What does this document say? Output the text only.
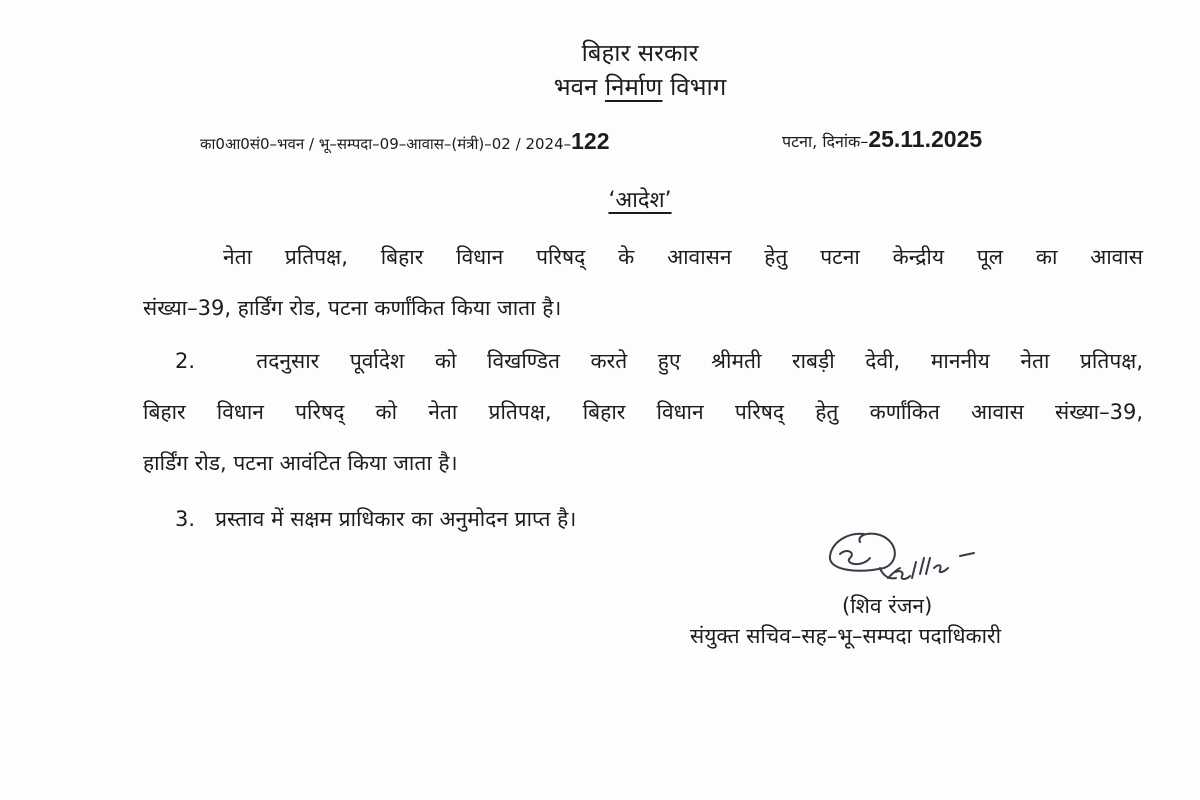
बिहार सरकार
भवन निर्माण विभाग
का0आ0सं0–भवन / भू–सम्पदा–09–आवास–(मंत्री)–02 / 2024–122	पटना, दिनांक–25.11.2025
‘आदेश’
नेता प्रतिपक्ष, बिहार विधान परिषद् के आवासन हेतु पटना केन्द्रीय पूल का आवास
संख्या–39, हार्डिंग रोड, पटना कर्णांकित किया जाता है।
2.	तदनुसार पूर्वादेश को विखण्डित करते हुए श्रीमती राबड़ी देवी, माननीय नेता प्रतिपक्ष,
बिहार विधान परिषद् को नेता प्रतिपक्ष, बिहार विधान परिषद् हेतु कर्णांकित आवास संख्या–39,
हार्डिंग रोड, पटना आवंटित किया जाता है।
3. प्रस्ताव में सक्षम प्राधिकार का अनुमोदन प्राप्त है।
(शिव रंजन)
संयुक्त सचिव–सह–भू–सम्पदा पदाधिकारी
